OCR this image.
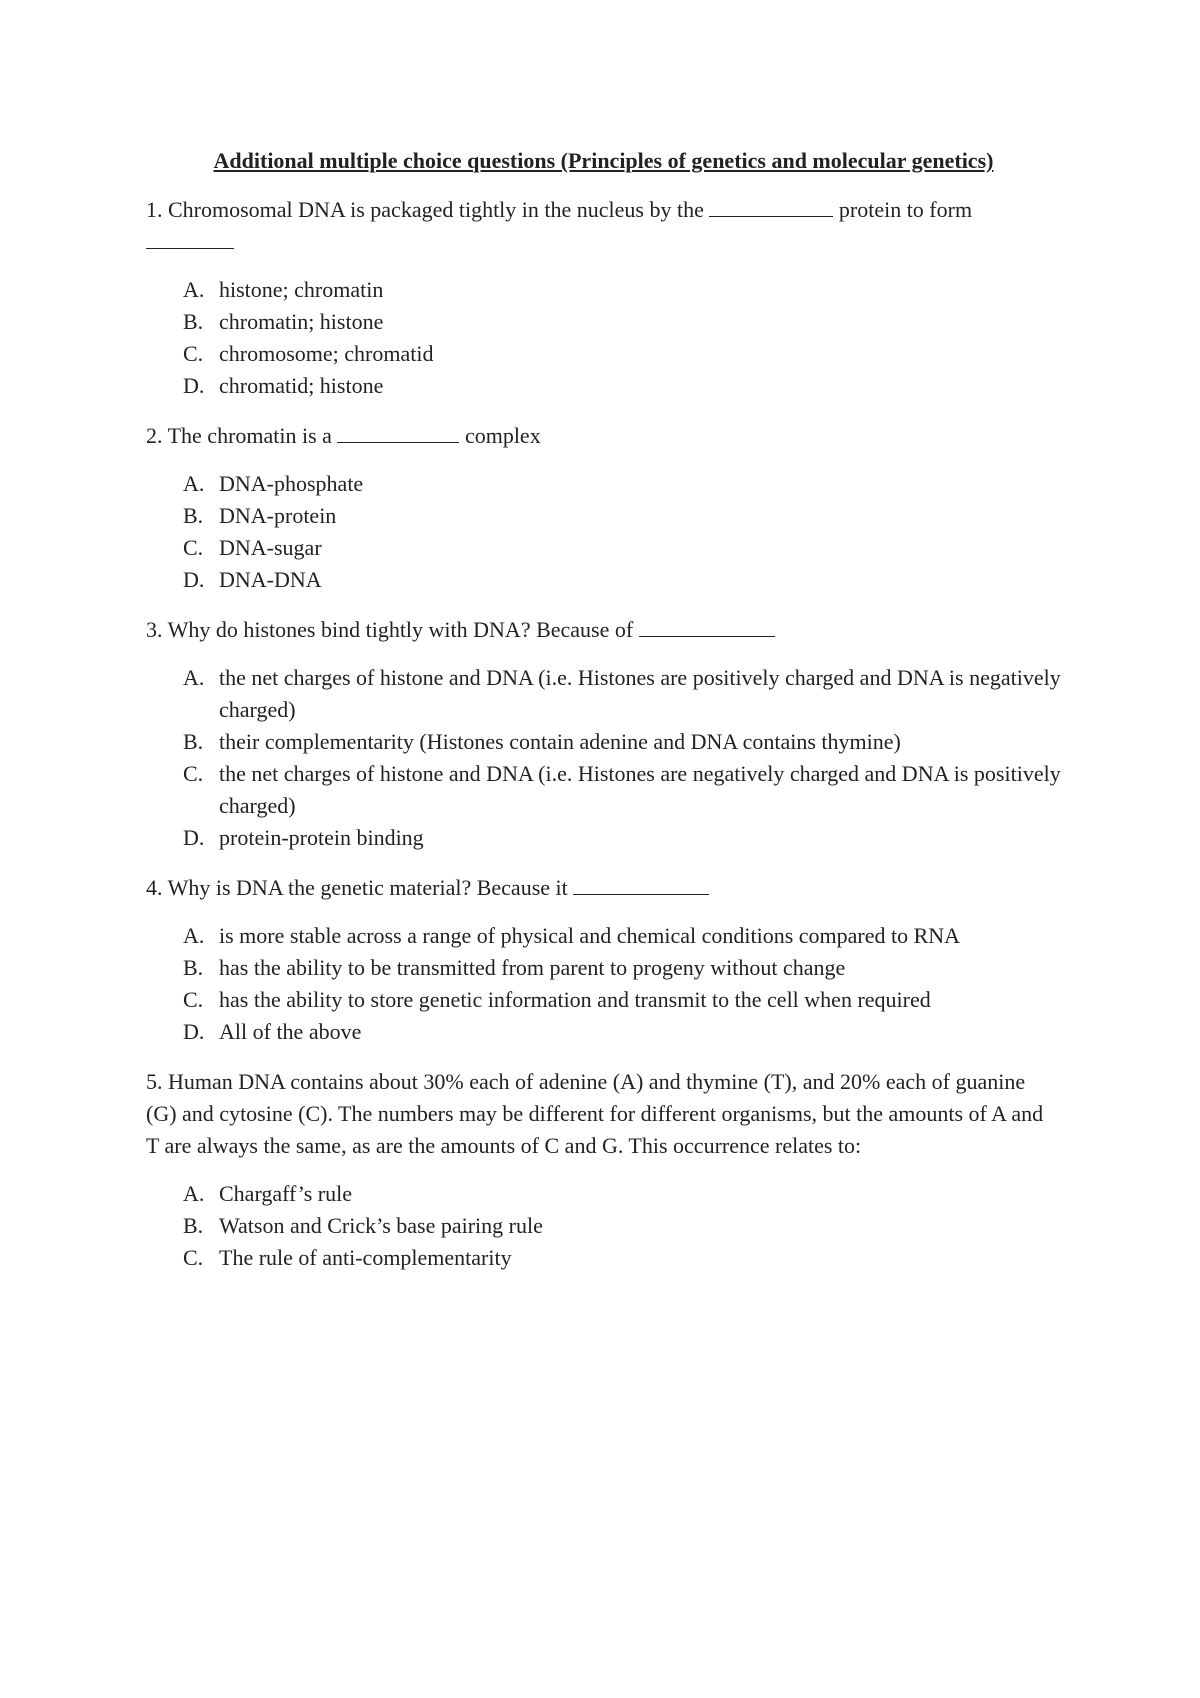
Additional multiple choice questions (Principles of genetics and molecular genetics)
1. Chromosomal DNA is packaged tightly in the nucleus by the	protein to form

A. histone; chromatin
B. chromatin; histone
C. chromosome; chromatid
D. chromatid; histone
2. The chromatin is a	complex
A. DNA-phosphate
B. DNA-protein
C. DNA-sugar
D. DNA-DNA
3. Why do histones bind tightly with DNA? Because of
A. the net charges of histone and DNA (i.e. Histones are positively charged and DNA is negatively charged)
B. their complementarity (Histones contain adenine and DNA contains thymine)
C. the net charges of histone and DNA (i.e. Histones are negatively charged and DNA is positively charged)
D. protein-protein binding
4. Why is DNA the genetic material? Because it
A. is more stable across a range of physical and chemical conditions compared to RNA
B. has the ability to be transmitted from parent to progeny without change
C. has the ability to store genetic information and transmit to the cell when required
D. All of the above
5. Human DNA contains about 30% each of adenine (A) and thymine (T), and 20% each of guanine (G) and cytosine (C). The numbers may be different for different organisms, but the amounts of A and T are always the same, as are the amounts of C and G. This occurrence relates to:
A. Chargaff’s rule
B. Watson and Crick’s base pairing rule
C. The rule of anti-complementarity
